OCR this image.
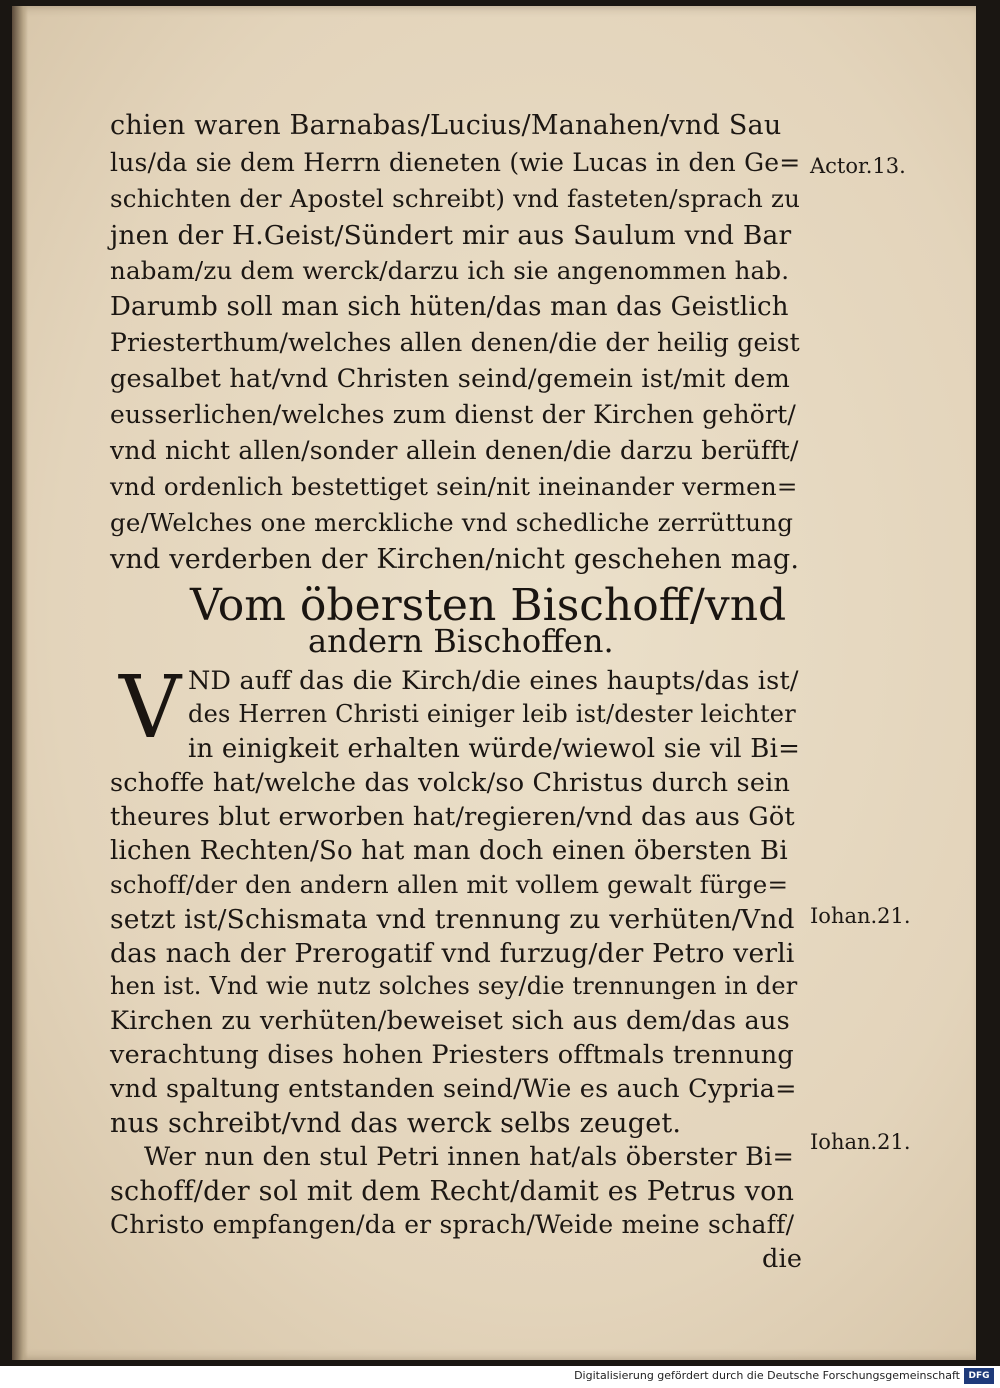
chien waren Barnabas/Lucius/Manahen/vnd Sau
lus/da sie dem Herrn dieneten (wie Lucas in den Ge=
schichten der Apostel schreibt) vnd fasteten/sprach zu
jnen der H.Geist/Sündert mir aus Saulum vnd Bar
nabam/zu dem werck/darzu ich sie angenommen hab.
Darumb soll man sich hüten/das man das Geistlich
Priesterthum/welches allen denen/die der heilig geist
gesalbet hat/vnd Christen seind/gemein ist/mit dem
eusserlichen/welches zum dienst der Kirchen gehört/
vnd nicht allen/sonder allein denen/die darzu berüfft/
vnd ordenlich bestettiget sein/nit ineinander vermen=
ge/Welches one merckliche vnd schedliche zerrüttung
vnd verderben der Kirchen/nicht geschehen mag.
Actor.13.
Vom öbersten Bischoff/vnd
andern Bischoffen.
V ND auff das die Kirch/die eines haupts/das ist/
des Herren Christi einiger leib ist/dester leichter
in einigkeit erhalten würde/wiewol sie vil Bi=
schoffe hat/welche das volck/so Christus durch sein
theures blut erworben hat/regieren/vnd das aus Göt
lichen Rechten/So hat man doch einen öbersten Bi
schoff/der den andern allen mit vollem gewalt fürge=
setzt ist/Schismata vnd trennung zu verhüten/Vnd
das nach der Prerogatif vnd furzug/der Petro verli
hen ist. Vnd wie nutz solches sey/die trennungen in der
Kirchen zu verhüten/beweiset sich aus dem/das aus
verachtung dises hohen Priesters offtmals trennung
vnd spaltung entstanden seind/Wie es auch Cypria=
nus schreibt/vnd das werck selbs zeuget.
Wer nun den stul Petri innen hat/als öberster Bi=
schoff/der sol mit dem Recht/damit es Petrus von
Christo empfangen/da er sprach/Weide meine schaff/
die
Iohan.21.
Iohan.21.
Digitalisierung gefördert durch die Deutsche Forschungsgemeinschaft DFG
